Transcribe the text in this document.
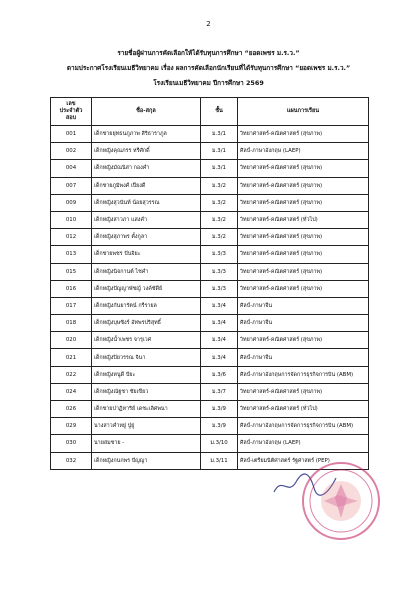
2
รายชื่อผู้ผ่านการคัดเลือกให้ได้รับทุนการศึกษา “ยอดเพชร ม.ร.ว.”
ตามประกาศโรงเรียนเมธีวิทยาคม เรื่อง ผลการคัดเลือกนักเรียนที่ได้รับทุนการศึกษา “ยอดเพชร ม.ร.ว.”
โรงเรียนเมธีวิทยาคม ปีการศึกษา 2569
เลข
ประจำตัว
สอบ	ชื่อ-สกุล	ชั้น	แผนการเรียน
001	เด็กชายยุทธนภูภาพ สิริธาราภูล	ม.3/1	วิทยาศาสตร์-คณิตศาสตร์ (สุขภาพ)
002	เด็กหญิงคุณภรร หรีศักดิ์	ม.3/1	ศิลป์-ภาษาอังกฤษ (LAEP)
004	เด็กหญิงมัณนิสา กองคำ	ม.3/1	วิทยาศาสตร์-คณิตศาสตร์ (สุขภาพ)
007	เด็กชายภูมิพงศ์ เปียงดี	ม.3/2	วิทยาศาสตร์-คณิตศาสตร์ (สุขภาพ)
009	เด็กหญิงสุวนันท์ น้อยสุวรรณ	ม.3/2	วิทยาศาสตร์-คณิตศาสตร์ (สุขภาพ)
010	เด็กหญิงสาวภา แสงคำ	ม.3/2	วิทยาศาสตร์-คณิตศาสตร์ (ทั่วไป)
012	เด็กหญิงสุภาพร ตั้งกูลา	ม.3/2	วิทยาศาสตร์-คณิตศาสตร์ (สุขภาพ)
013	เด็กชายพชร ปันจิยะ	ม.3/3	วิทยาศาสตร์-คณิตศาสตร์ (สุขภาพ)
015	เด็กหญิงนิจกานต์ ไชคำ	ม.3/3	วิทยาศาสตร์-คณิตศาสตร์ (สุขภาพ)
016	เด็กหญิงปัญญาพัชญ์ วงค์ชัดีย์	ม.3/3	วิทยาศาสตร์-คณิตศาสตร์ (สุขภาพ)
017	เด็กหญิงกันยารัตน์ กรีรายล	ม.3/4	ศิลป์-ภาษาจีน
018	เด็กหญิงบุษซิงร์ อัทพรปริสุทธิ์	ม.3/4	ศิลป์-ภาษาจีน
020	เด็กหญิงน้ำเพชร จารุเวศ	ม.3/4	วิทยาศาสตร์-คณิตศาสตร์ (สุขภาพ)
021	เด็กหญิงปิยวรรณ จินา	ม.3/4	ศิลป์-ภาษาจีน
022	เด็กหญิงหนูดี ปัยะ	ม.3/6	ศิลป์-ภาษาอังกฤษการจัดการธุรกิจการบิน (ABM)
024	เด็กหญิงณัฐชา ชัยเขียว	ม.3/7	วิทยาศาสตร์-คณิตศาสตร์ (สุขภาพ)
026	เด็กชายปาฏิหาริย์ เดชะเลิศพนา	ม.3/9	วิทยาศาสตร์-คณิตศาสตร์ (ทั่วไป)
029	นางสาวคำหยู่ ปู่ยู่	ม.3/9	ศิลป์-ภาษาอังกฤษการจัดการธุรกิจการบิน (ABM)
030	นายสมชาย -	ม.3/10	ศิลป์-ภาษาอังกฤษ (LAEP)
032	เด็กหญิงกนกพร ปัญญา	ม.3/11	ศิลป์-เตรียมนิติศาสตร์ รัฐศาสตร์ (PEP)
